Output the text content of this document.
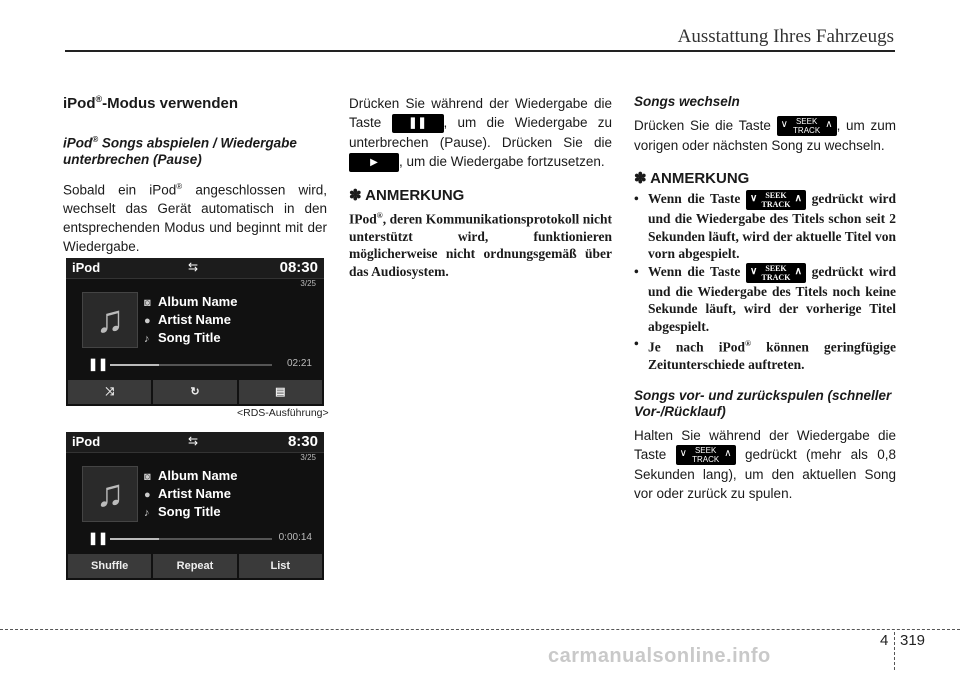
Ausstattung Ihres Fahrzeugs
4 319
carmanualsonline.info
iPod®-Modus verwenden
iPod® Songs abspielen / Wiedergabe unterbrechen (Pause)
Sobald ein iPod® angeschlossen wird, wechselt das Gerät automatisch in den entsprechenden Modus und beginnt mit der Wiedergabe.
iPod	⇆	08:30
3/25
♫	◙ Album Name
● Artist Name
♪ Song Title
❚❚	02:21
⤨	↻	▤
<RDS-Ausführung>
iPod	⇆	8:30
3/25
♫	◙ Album Name
● Artist Name
♪ Song Title
❚❚	0:00:14
Shuffle	Repeat	List
Drücken Sie während der Wiedergabe die Taste ❚❚ , um die Wiedergabe zu unterbrechen (Pause). Drücken Sie die ▶ , um die Wiedergabe fortzusetzen.
✽ ANMERKUNG
IPod®, deren Kommunikationsprotokoll nicht unterstützt wird, funktionieren möglicherweise nicht ordnungsgemäß über das Audiosystem.
Songs wechseln
Drücken Sie die Taste ∨	SEEK
TRACK
∧ , um zum vorigen oder nächsten Song zu wechseln.
✽ ANMERKUNG
• Wenn die Taste ∨	SEEK
TRACK
∧ gedrückt wird und die Wiedergabe des Titels schon seit 2 Sekunden läuft, wird der aktuelle Titel von vorn abgespielt.
• Wenn die Taste ∨	SEEK
TRACK
∧ gedrückt wird und die Wiedergabe des Titels noch keine Sekunde läuft, wird der vorherige Titel abgespielt.
• Je nach iPod® können geringfügige Zeitunterschiede auftreten.
Songs vor- und zurückspulen (schneller Vor-/Rücklauf)
Halten Sie während der Wiedergabe die Taste ∨	SEEK
TRACK
∧ gedrückt (mehr als 0,8 Sekunden lang), um den aktuellen Song vor oder zurück zu spulen.
